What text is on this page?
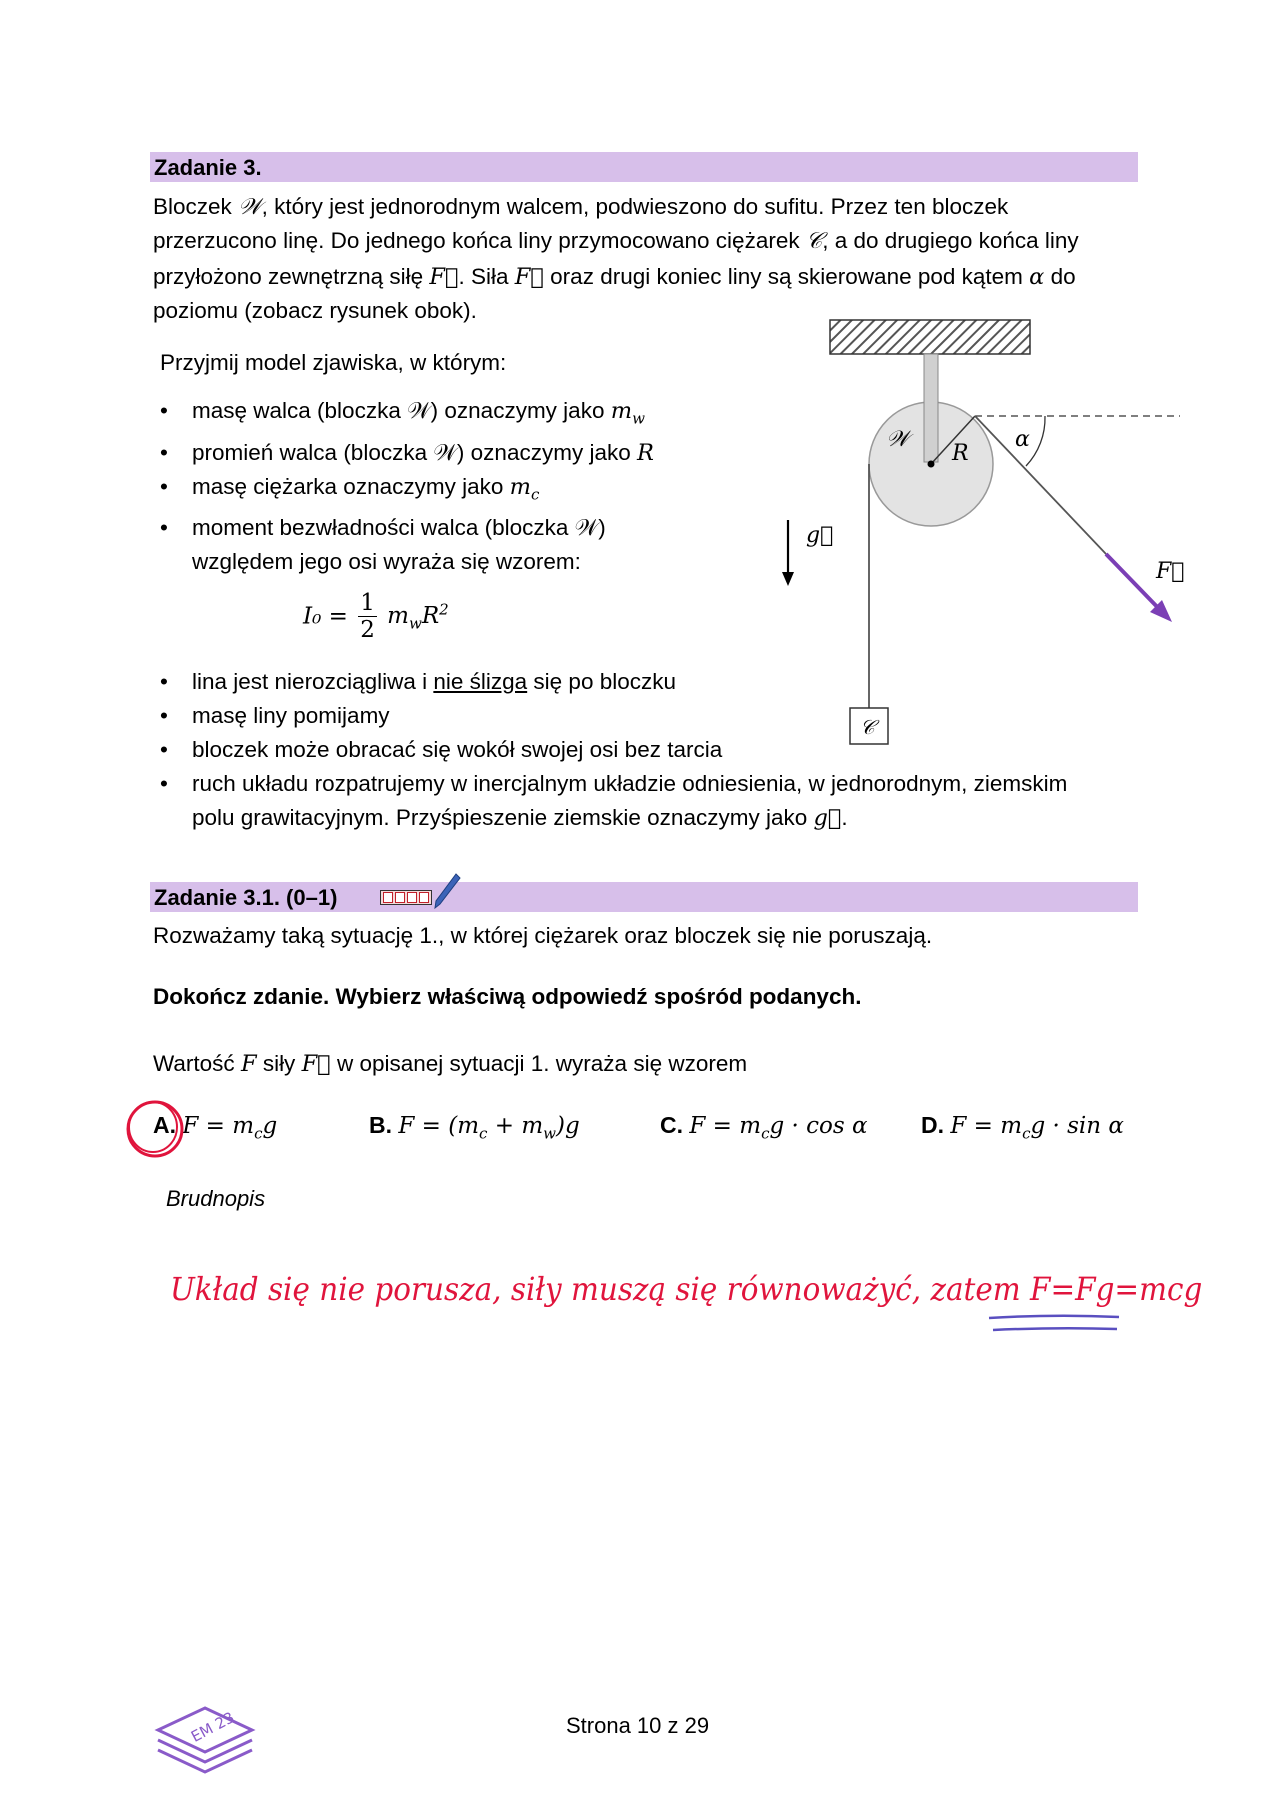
Zadanie 3.
Bloczek 𝒲, który jest jednorodnym walcem, podwieszono do sufitu. Przez ten bloczek
przerzucono linę. Do jednego końca liny przymocowano ciężarek 𝒞, a do drugiego końca liny
przyłożono zewnętrzną siłę F⃗. Siła F⃗ oraz drugi koniec liny są skierowane pod kątem α do
poziomu (zobacz rysunek obok).
Przyjmij model zjawiska, w którym:
• masę walca (bloczka 𝒲) oznaczymy jako $m_w$
• promień walca (bloczka 𝒲) oznaczymy jako R
• masę ciężarka oznaczymy jako $m_c$
• moment bezwładności walca (bloczka 𝒲)
względem jego osi wyraża się wzorem:
$I_0 = \frac{1}{2} m_wR^2$
• lina jest nierozciągliwa i nie ślizga się po bloczku
• masę liny pomijamy
• bloczek może obracać się wokół swojej osi bez tarcia
• ruch układu rozpatrujemy w inercjalnym układzie odniesienia, w jednorodnym, ziemskim
polu grawitacyjnym. Przyśpieszenie ziemskie oznaczymy jako g⃗.
𝒲
R
α
g⃗
F⃗
𝒞
Zadanie 3.1. (0–1)
Rozważamy taką sytuację 1., w której ciężarek oraz bloczek się nie poruszają.
Dokończ zdanie. Wybierz właściwą odpowiedź spośród podanych.
Wartość F siły F⃗ w opisanej sytuacji 1. wyraża się wzorem
A. $F = m_cg$	B. $F = (m_c + m_w)g$	C. $F = m_cg \cdot \cos \alpha$ D. $F = m_cg \cdot \sin \alpha$
Brudnopis
Układ się nie porusza, siły muszą się równoważyć, zatem F=Fg=mcg
Strona 10 z 29
EM 23
